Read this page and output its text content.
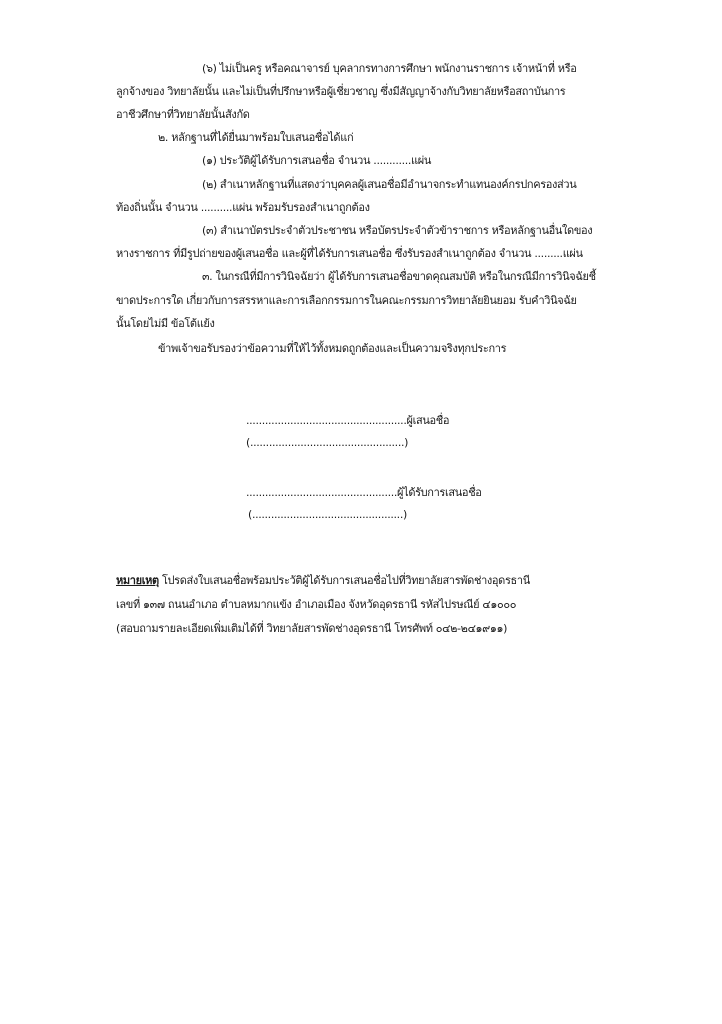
(๖) ไม่เป็นครู หรือคณาจารย์ บุคลากรทางการศึกษา พนักงานราชการ เจ้าหน้าที่ หรือ

ลูกจ้างของ วิทยาลัยนั้น และไม่เป็นที่ปรึกษาหรือผู้เชี่ยวชาญ ซึ่งมีสัญญาจ้างกับวิทยาลัยหรือสถาบันการ

อาชีวศึกษาที่วิทยาลัยนั้นสังกัด

๒. หลักฐานที่ได้ยื่นมาพร้อมใบเสนอชื่อได้แก่

(๑) ประวัติผู้ได้รับการเสนอชื่อ จำนวน ............แผ่น

(๒) สำเนาหลักฐานที่แสดงว่าบุคคลผู้เสนอชื่อมีอำนาจกระทำแทนองค์กรปกครองส่วน

ท้องถิ่นนั้น จำนวน ..........แผ่น พร้อมรับรองสำเนาถูกต้อง

(๓) สำเนาบัตรประจำตัวประชาชน หรือบัตรประจำตัวข้าราชการ หรือหลักฐานอื่นใดของ

หางราชการ ที่มีรูปถ่ายของผู้เสนอชื่อ และผู้ที่ได้รับการเสนอชื่อ ซึ่งรับรองสำเนาถูกต้อง จำนวน .........แผ่น

๓. ในกรณีที่มีการวินิจฉัยว่า ผู้ได้รับการเสนอชื่อขาดคุณสมบัติ หรือในกรณีมีการวินิจฉัยชี้

ขาดประการใด เกี่ยวกับการสรรหาและการเลือกกรรมการในคณะกรรมการวิทยาลัยยินยอม รับคำวินิจฉัย

นั้นโดยไม่มี ข้อโต้แย้ง

ข้าพเจ้าขอรับรองว่าข้อความที่ให้ไว้ทั้งหมดถูกต้องและเป็นความจริงทุกประการ

...................................................ผู้เสนอชื่อ

(.................................................)

................................................ผู้ได้รับการเสนอชื่อ

(................................................)

หมายเหตุ โปรดส่งใบเสนอชื่อพร้อมประวัติผู้ได้รับการเสนอชื่อไปที่วิทยาลัยสารพัดช่างอุดรธานี

เลขที่ ๑๓๗ ถนนอำเภอ ตำบลหมากแข้ง อำเภอเมือง จังหวัดอุดรธานี รหัสไปรษณีย์ ๔๑๐๐๐

(สอบถามรายละเอียดเพิ่มเติมได้ที่ วิทยาลัยสารพัดช่างอุดรธานี โทรศัพท์ ๐๔๒-๒๔๑๙๑๑)
